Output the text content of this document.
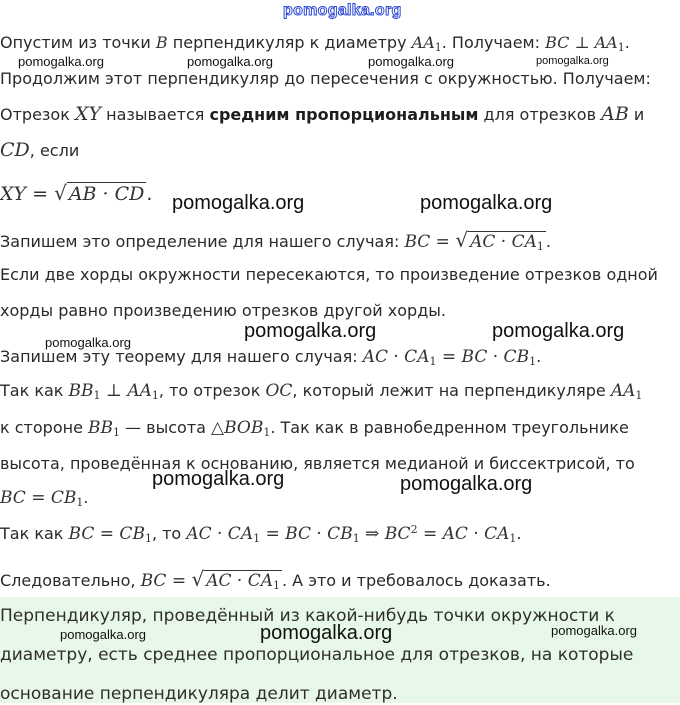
pomogalka.org
Опустим из точки B перпендикуляр к диаметру $AA_1$. Получаем: BC ⊥ $AA_1$.
pomogalka.org	pomogalka.org	pomogalka.org	pomogalka.org
Продолжим этот перпендикуляр до пересечения с окружностью. Получаем:
Отрезок XY называется средним пропорциональным для отрезков AB и
CD, если
XY = √ AB · CD . pomogalka.org	pomogalka.org
Запишем это определение для нашего случая: BC = √ AC · $CA_1$ .
Если две хорды окружности пересекаются, то произведение отрезков одной
хорды равно произведению отрезков другой хорды.
pomogalka.org
pomogalka.org	pomogalka.org
Запишем эту теорему для нашего случая: AC · $CA_1$ = BC · $CB_1$.
Так как $BB_1$ ⊥ $AA_1$, то отрезок OC, который лежит на перпендикуляре $AA_1$
к стороне $BB_1$ — высота $\triangle BOB_1$. Так как в равнобедренном треугольнике
высота, проведённая к основанию, является медианой и биссектрисой, то
BC = $CB_1$.
pomogalka.org	pomogalka.org
Так как BC = $CB_1$, то AC · $CA_1$ = BC · $CB_1$ ⇒ $BC^2$ = AC · $CA_1$.
Следовательно, BC = √ AC · $CA_1$ . А это и требовалось доказать.
Перпендикуляр, проведённый из какой-нибудь точки окружности к
диаметру, есть среднее пропорциональное для отрезков, на которые
основание перпендикуляра делит диаметр.
pomogalka.org	pomogalka.org	pomogalka.org
